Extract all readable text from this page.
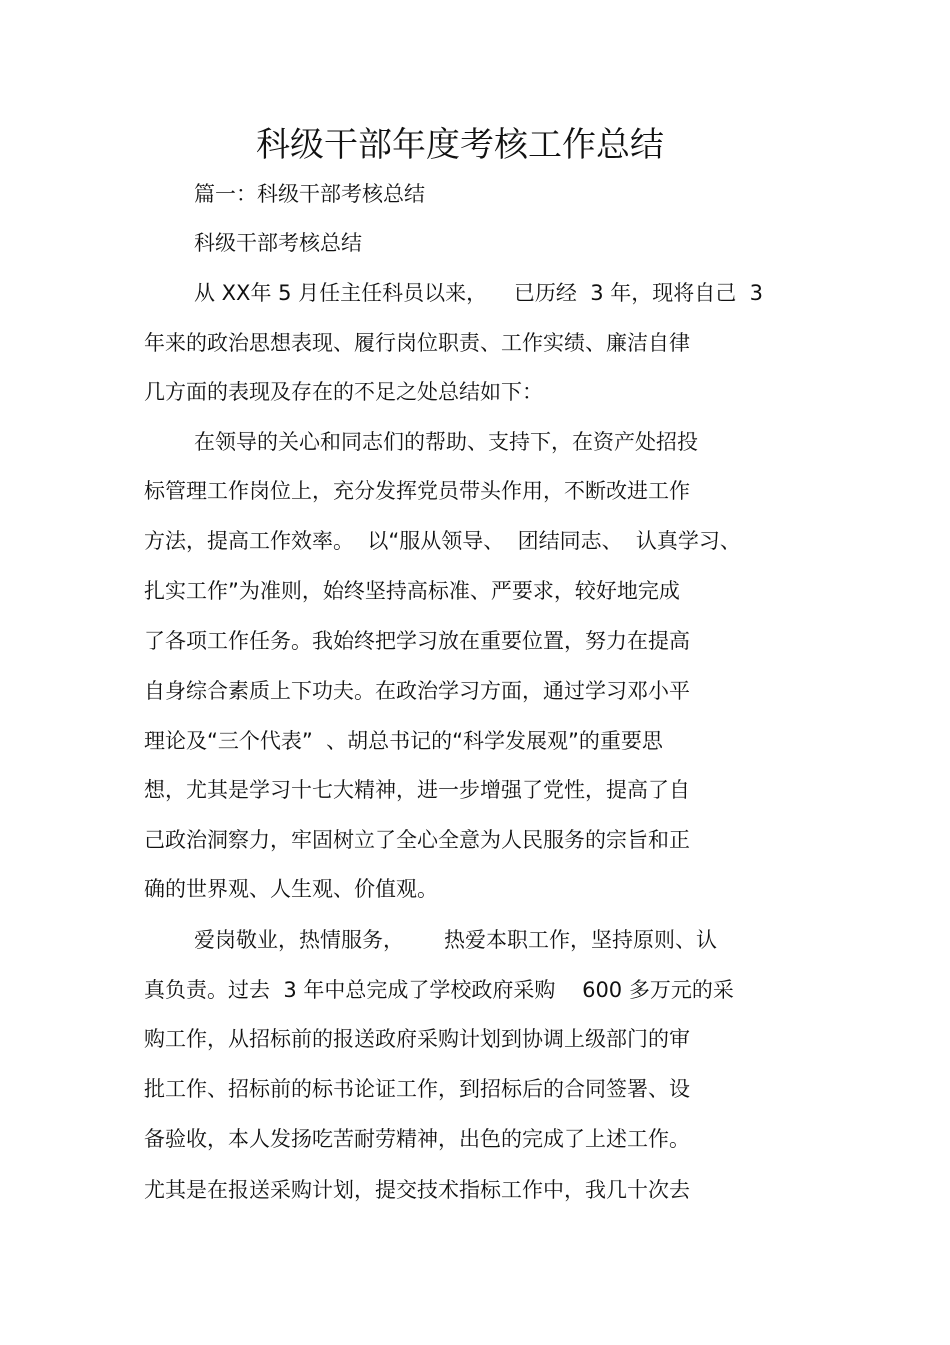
科级干部年度考核工作总结
篇一：科级干部考核总结
科级干部考核总结
从 XX年 5 月任主任科员以来，    已历经  3 年，现将自己  3
年来的政治思想表现、履行岗位职责、工作实绩、廉洁自律
几方面的表现及存在的不足之处总结如下：
在领导的关心和同志们的帮助、支持下，在资产处招投
标管理工作岗位上，充分发挥党员带头作用，不断改进工作
方法，提高工作效率。  以“服从领导、  团结同志、  认真学习、
扎实工作”为准则，始终坚持高标准、严要求，较好地完成
了各项工作任务。我始终把学习放在重要位置，努力在提高
自身综合素质上下功夫。在政治学习方面，通过学习邓小平
理论及“三个代表”  、胡总书记的“科学发展观”的重要思
想，尤其是学习十七大精神，进一步增强了党性，提高了自
己政治洞察力，牢固树立了全心全意为人民服务的宗旨和正
确的世界观、人生观、价值观。
爱岗敬业，热情服务，      热爱本职工作，坚持原则、认
真负责。过去  3 年中总完成了学校政府采购    600 多万元的采
购工作，从招标前的报送政府采购计划到协调上级部门的审
批工作、招标前的标书论证工作，到招标后的合同签署、设
备验收，本人发扬吃苦耐劳精神，出色的完成了上述工作。
尤其是在报送采购计划，提交技术指标工作中，我几十次去
